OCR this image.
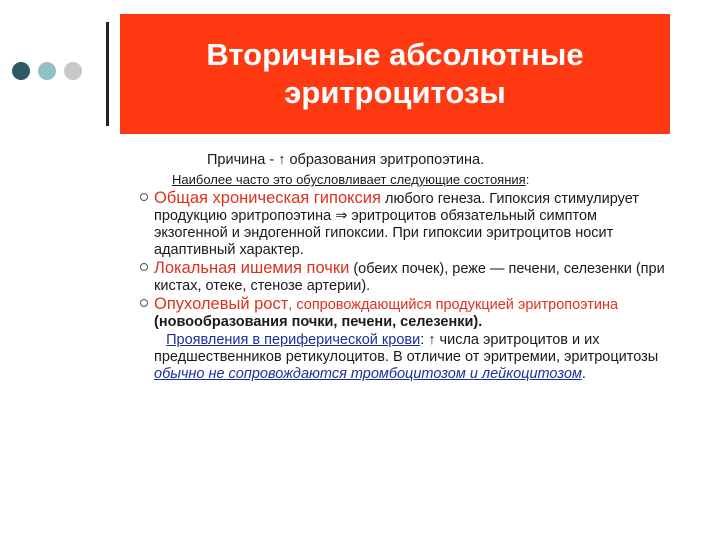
Вторичные абсолютные
эритроцитозы

Причина - ↑ образования эритропоэтина.
Наиболее часто это обусловливает следующие состояния:
Общая хроническая гипоксия любого генеза. Гипоксия стимулирует продукцию эритропоэтина ⇒ эритроцитов обязательный симптом экзогенной и эндогенной гипоксии. При гипоксии эритроцитов носит адаптивный характер.
Локальная ишемия почки (обеих почек), реже — печени, селезенки (при кистах, отеке, стенозе артерии).
Опухолевый рост, сопровождающийся продукцией эритропоэтина (новообразования почки, печени, селезенки).
Проявления в периферической крови: ↑ числа эритроцитов и их предшественников ретикулоцитов. В отличие от эритремии, эритроцитозы обычно не сопровождаются тромбоцитозом и лейкоцитозом.
